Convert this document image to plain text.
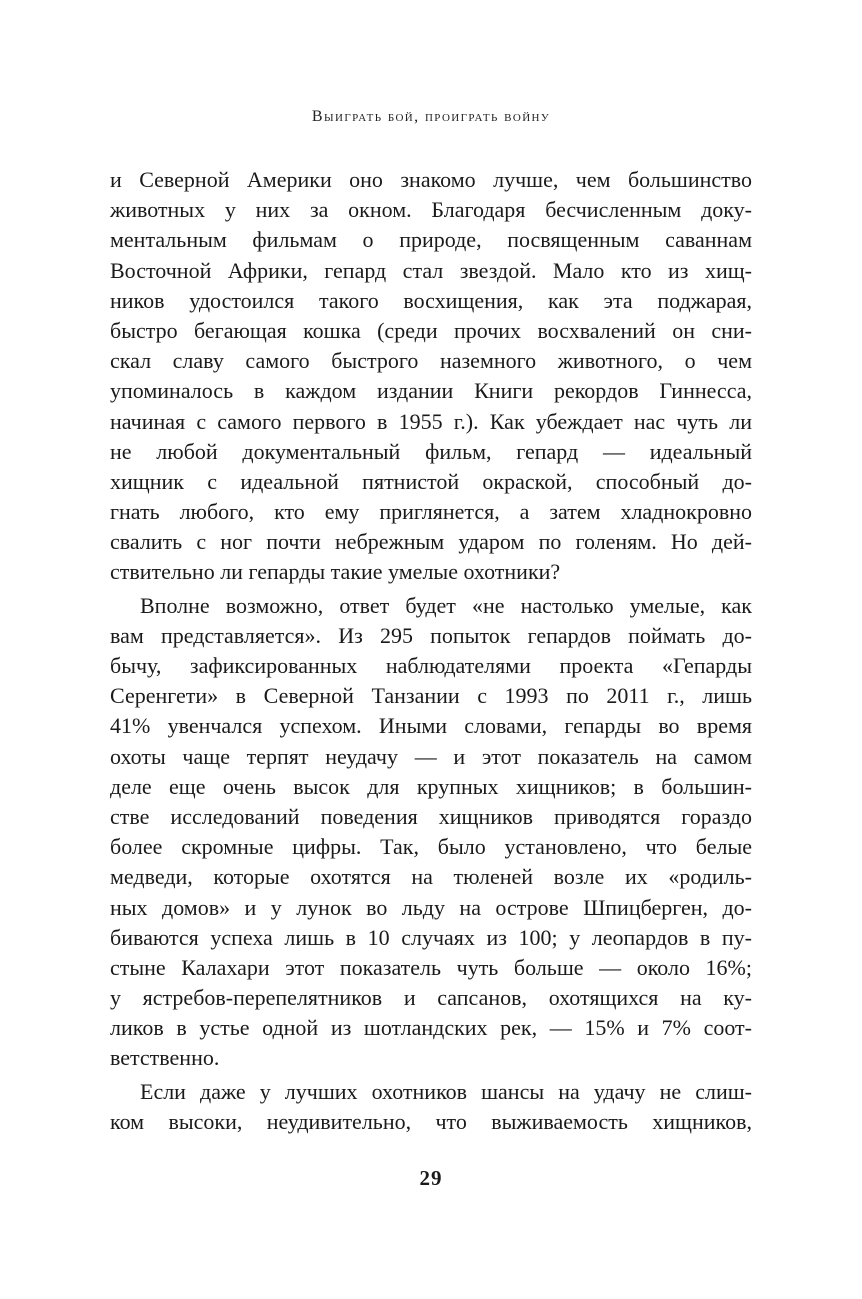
Выиграть бой, проиграть войну
и Северной Америки оно знакомо лучше, чем большинство
животных у них за окном. Благодаря бесчисленным доку-
ментальным фильмам о природе, посвященным саваннам
Восточной Африки, гепард стал звездой. Мало кто из хищ-
ников удостоился такого восхищения, как эта поджарая,
быстро бегающая кошка (среди прочих восхвалений он сни-
скал славу самого быстрого наземного животного, о чем
упоминалось в каждом издании Книги рекордов Гиннесса,
начиная с самого первого в 1955 г.). Как убеждает нас чуть ли
не любой документальный фильм, гепард — идеальный
хищник с идеальной пятнистой окраской, способный до-
гнать любого, кто ему приглянется, а затем хладнокровно
свалить с ног почти небрежным ударом по голеням. Но дей-
ствительно ли гепарды такие умелые охотники?
Вполне возможно, ответ будет «не настолько умелые, как
вам представляется». Из 295 попыток гепардов поймать до-
бычу, зафиксированных наблюдателями проекта «Гепарды
Серенгети» в Северной Танзании с 1993 по 2011 г., лишь
41% увенчался успехом. Иными словами, гепарды во время
охоты чаще терпят неудачу — и этот показатель на самом
деле еще очень высок для крупных хищников; в большин-
стве исследований поведения хищников приводятся гораздо
более скромные цифры. Так, было установлено, что белые
медведи, которые охотятся на тюленей возле их «родиль-
ных домов» и у лунок во льду на острове Шпицберген, до-
биваются успеха лишь в 10 случаях из 100; у леопардов в пу-
стыне Калахари этот показатель чуть больше — около 16%;
у ястребов-перепелятников и сапсанов, охотящихся на ку-
ликов в устье одной из шотландских рек, — 15% и 7% соот-
ветственно.
Если даже у лучших охотников шансы на удачу не слиш-
ком высоки, неудивительно, что выживаемость хищников,
29
